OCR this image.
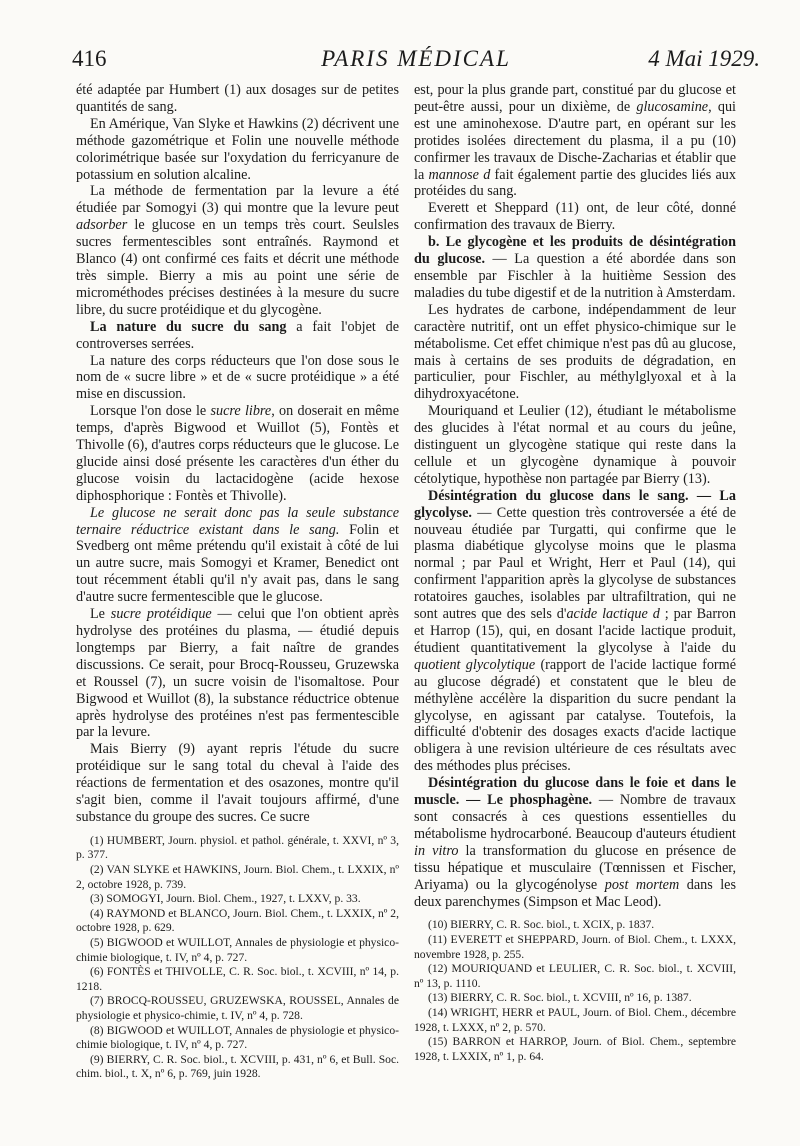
416	PARIS MÉDICAL	4 Mai 1929.

été adaptée par Humbert (1) aux dosages sur de petites quantités de sang.

En Amérique, Van Slyke et Hawkins (2) décrivent une méthode gazométrique et Folin une nouvelle méthode colorimétrique basée sur l'oxydation du ferricyanure de potassium en solution alcaline.

La méthode de fermentation par la levure a été étudiée par Somogyi (3) qui montre que la levure peut adsorber le glucose en un temps très court. Seulsles sucres fermentescibles sont entraînés. Raymond et Blanco (4) ont confirmé ces faits et décrit une méthode très simple. Bierry a mis au point une série de microméthodes précises destinées à la mesure du sucre libre, du sucre protéidique et du glycogène.

La nature du sucre du sang a fait l'objet de controverses serrées.

La nature des corps réducteurs que l'on dose sous le nom de « sucre libre » et de « sucre protéidique » a été mise en discussion.

Lorsque l'on dose le sucre libre, on doserait en même temps, d'après Bigwood et Wuillot (5), Fontès et Thivolle (6), d'autres corps réducteurs que le glucose. Le glucide ainsi dosé présente les caractères d'un éther du glucose voisin du lactacidogène (acide hexose diphosphorique : Fontès et Thivolle).

Le glucose ne serait donc pas la seule substance ternaire réductrice existant dans le sang. Folin et Svedberg ont même prétendu qu'il existait à côté de lui un autre sucre, mais Somogyi et Kramer, Benedict ont tout récemment établi qu'il n'y avait pas, dans le sang d'autre sucre fermentescible que le glucose.

Le sucre protéidique — celui que l'on obtient après hydrolyse des protéines du plasma, — étudié depuis longtemps par Bierry, a fait naître de grandes discussions. Ce serait, pour Brocq-Rousseu, Gruzewska et Roussel (7), un sucre voisin de l'isomaltose. Pour Bigwood et Wuillot (8), la substance réductrice obtenue après hydrolyse des protéines n'est pas fermentescible par la levure.

Mais Bierry (9) ayant repris l'étude du sucre protéidique sur le sang total du cheval à l'aide des réactions de fermentation et des osazones, montre qu'il s'agit bien, comme il l'avait toujours affirmé, d'une substance du groupe des sucres. Ce sucre

(1) HUMBERT, Journ. physiol. et pathol. générale, t. XXVI, nº 3, p. 377.
(2) VAN SLYKE et HAWKINS, Journ. Biol. Chem., t. LXXIX, nº 2, octobre 1928, p. 739.
(3) SOMOGYI, Journ. Biol. Chem., 1927, t. LXXV, p. 33.
(4) RAYMOND et BLANCO, Journ. Biol. Chem., t. LXXIX, nº 2, octobre 1928, p. 629.
(5) BIGWOOD et WUILLOT, Annales de physiologie et physico-chimie biologique, t. IV, nº 4, p. 727.
(6) FONTÈS et THIVOLLE, C. R. Soc. biol., t. XCVIII, nº 14, p. 1218.
(7) BROCQ-ROUSSEU, GRUZEWSKA, ROUSSEL, Annales de physiologie et physico-chimie, t. IV, nº 4, p. 728.
(8) BIGWOOD et WUILLOT, Annales de physiologie et physico-chimie biologique, t. IV, nº 4, p. 727.
(9) BIERRY, C. R. Soc. biol., t. XCVIII, p. 431, nº 6, et Bull. Soc. chim. biol., t. X, nº 6, p. 769, juin 1928.

est, pour la plus grande part, constitué par du glucose et peut-être aussi, pour un dixième, de glucosamine, qui est une aminohexose. D'autre part, en opérant sur les protides isolées directement du plasma, il a pu (10) confirmer les travaux de Dische-Zacharias et établir que la mannose d fait également partie des glucides liés aux protéides du sang.

Everett et Sheppard (11) ont, de leur côté, donné confirmation des travaux de Bierry.

b. Le glycogène et les produits de désintégration du glucose. — La question a été abordée dans son ensemble par Fischler à la huitième Session des maladies du tube digestif et de la nutrition à Amsterdam.

Les hydrates de carbone, indépendamment de leur caractère nutritif, ont un effet physico-chimique sur le métabolisme. Cet effet chimique n'est pas dû au glucose, mais à certains de ses produits de dégradation, en particulier, pour Fischler, au méthylglyoxal et à la dihydroxyacétone.

Mouriquand et Leulier (12), étudiant le métabolisme des glucides à l'état normal et au cours du jeûne, distinguent un glycogène statique qui reste dans la cellule et un glycogène dynamique à pouvoir cétolytique, hypothèse non partagée par Bierry (13).

Désintégration du glucose dans le sang. — La glycolyse. — Cette question très controversée a été de nouveau étudiée par Turgatti, qui confirme que le plasma diabétique glycolyse moins que le plasma normal ; par Paul et Wright, Herr et Paul (14), qui confirment l'apparition après la glycolyse de substances rotatoires gauches, isolables par ultrafiltration, qui ne sont autres que des sels d'acide lactique d ; par Barron et Harrop (15), qui, en dosant l'acide lactique produit, étudient quantitativement la glycolyse à l'aide du quotient glycolytique (rapport de l'acide lactique formé au glucose dégradé) et constatent que le bleu de méthylène accélère la disparition du sucre pendant la glycolyse, en agissant par catalyse. Toutefois, la difficulté d'obtenir des dosages exacts d'acide lactique obligera à une revision ultérieure de ces résultats avec des méthodes plus précises.

Désintégration du glucose dans le foie et dans le muscle. — Le phosphagène. — Nombre de travaux sont consacrés à ces questions essentielles du métabolisme hydrocarboné. Beaucoup d'auteurs étudient in vitro la transformation du glucose en présence de tissu hépatique et musculaire (Tœnnissen et Fischer, Ariyama) ou la glycogénolyse post mortem dans les deux parenchymes (Simpson et Mac Leod).

(10) BIERRY, C. R. Soc. biol., t. XCIX, p. 1837.
(11) EVERETT et SHEPPARD, Journ. of Biol. Chem., t. LXXX, novembre 1928, p. 255.
(12) MOURIQUAND et LEULIER, C. R. Soc. biol., t. XCVIII, nº 13, p. 1110.
(13) BIERRY, C. R. Soc. biol., t. XCVIII, nº 16, p. 1387.
(14) WRIGHT, HERR et PAUL, Journ. of Biol. Chem., décembre 1928, t. LXXX, nº 2, p. 570.
(15) BARRON et HARROP, Journ. of Biol. Chem., septembre 1928, t. LXXIX, nº 1, p. 64.
